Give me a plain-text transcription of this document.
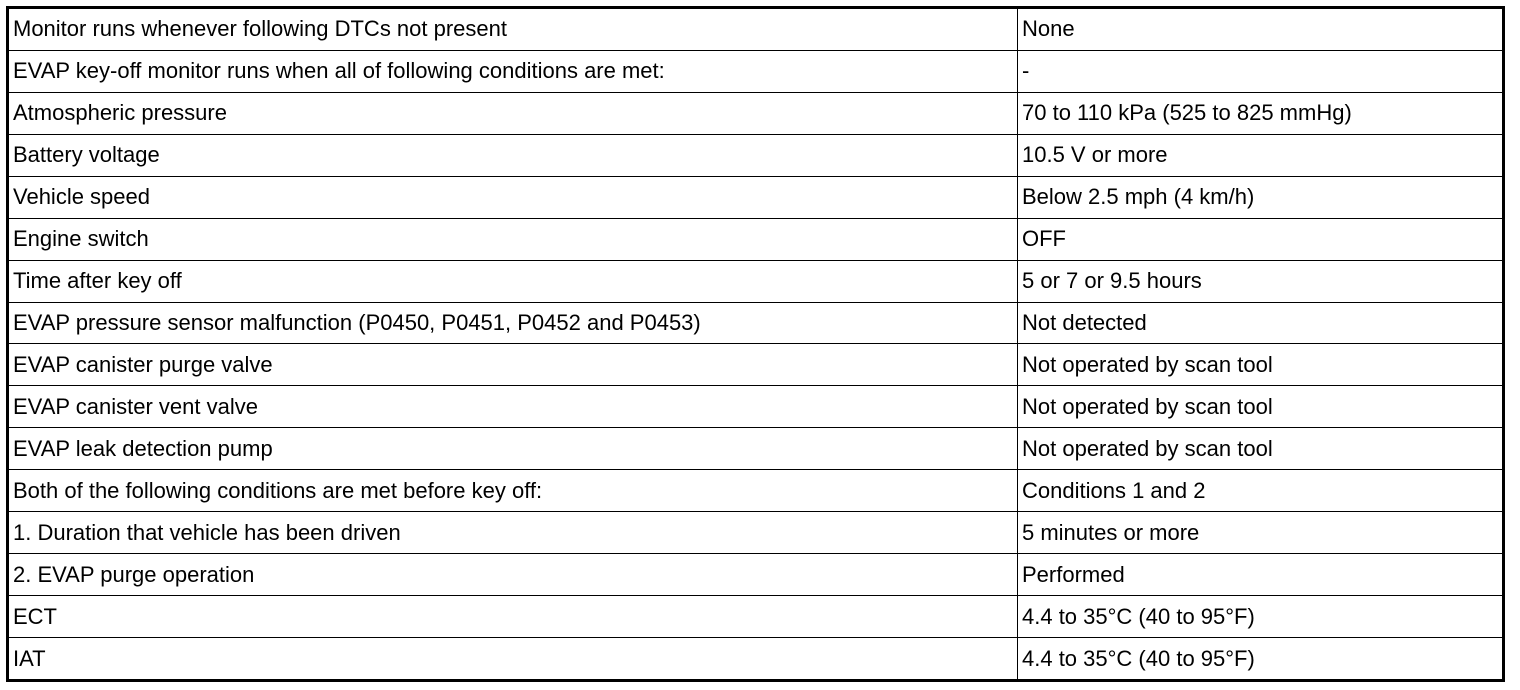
Monitor runs whenever following DTCs not present	None
EVAP key-off monitor runs when all of following conditions are met:	-
Atmospheric pressure	70 to 110 kPa (525 to 825 mmHg)
Battery voltage	10.5 V or more
Vehicle speed	Below 2.5 mph (4 km/h)
Engine switch	OFF
Time after key off	5 or 7 or 9.5 hours
EVAP pressure sensor malfunction (P0450, P0451, P0452 and P0453)	Not detected
EVAP canister purge valve	Not operated by scan tool
EVAP canister vent valve	Not operated by scan tool
EVAP leak detection pump	Not operated by scan tool
Both of the following conditions are met before key off:	Conditions 1 and 2
1. Duration that vehicle has been driven	5 minutes or more
2. EVAP purge operation	Performed
ECT	4.4 to 35°C (40 to 95°F)
IAT	4.4 to 35°C (40 to 95°F)
